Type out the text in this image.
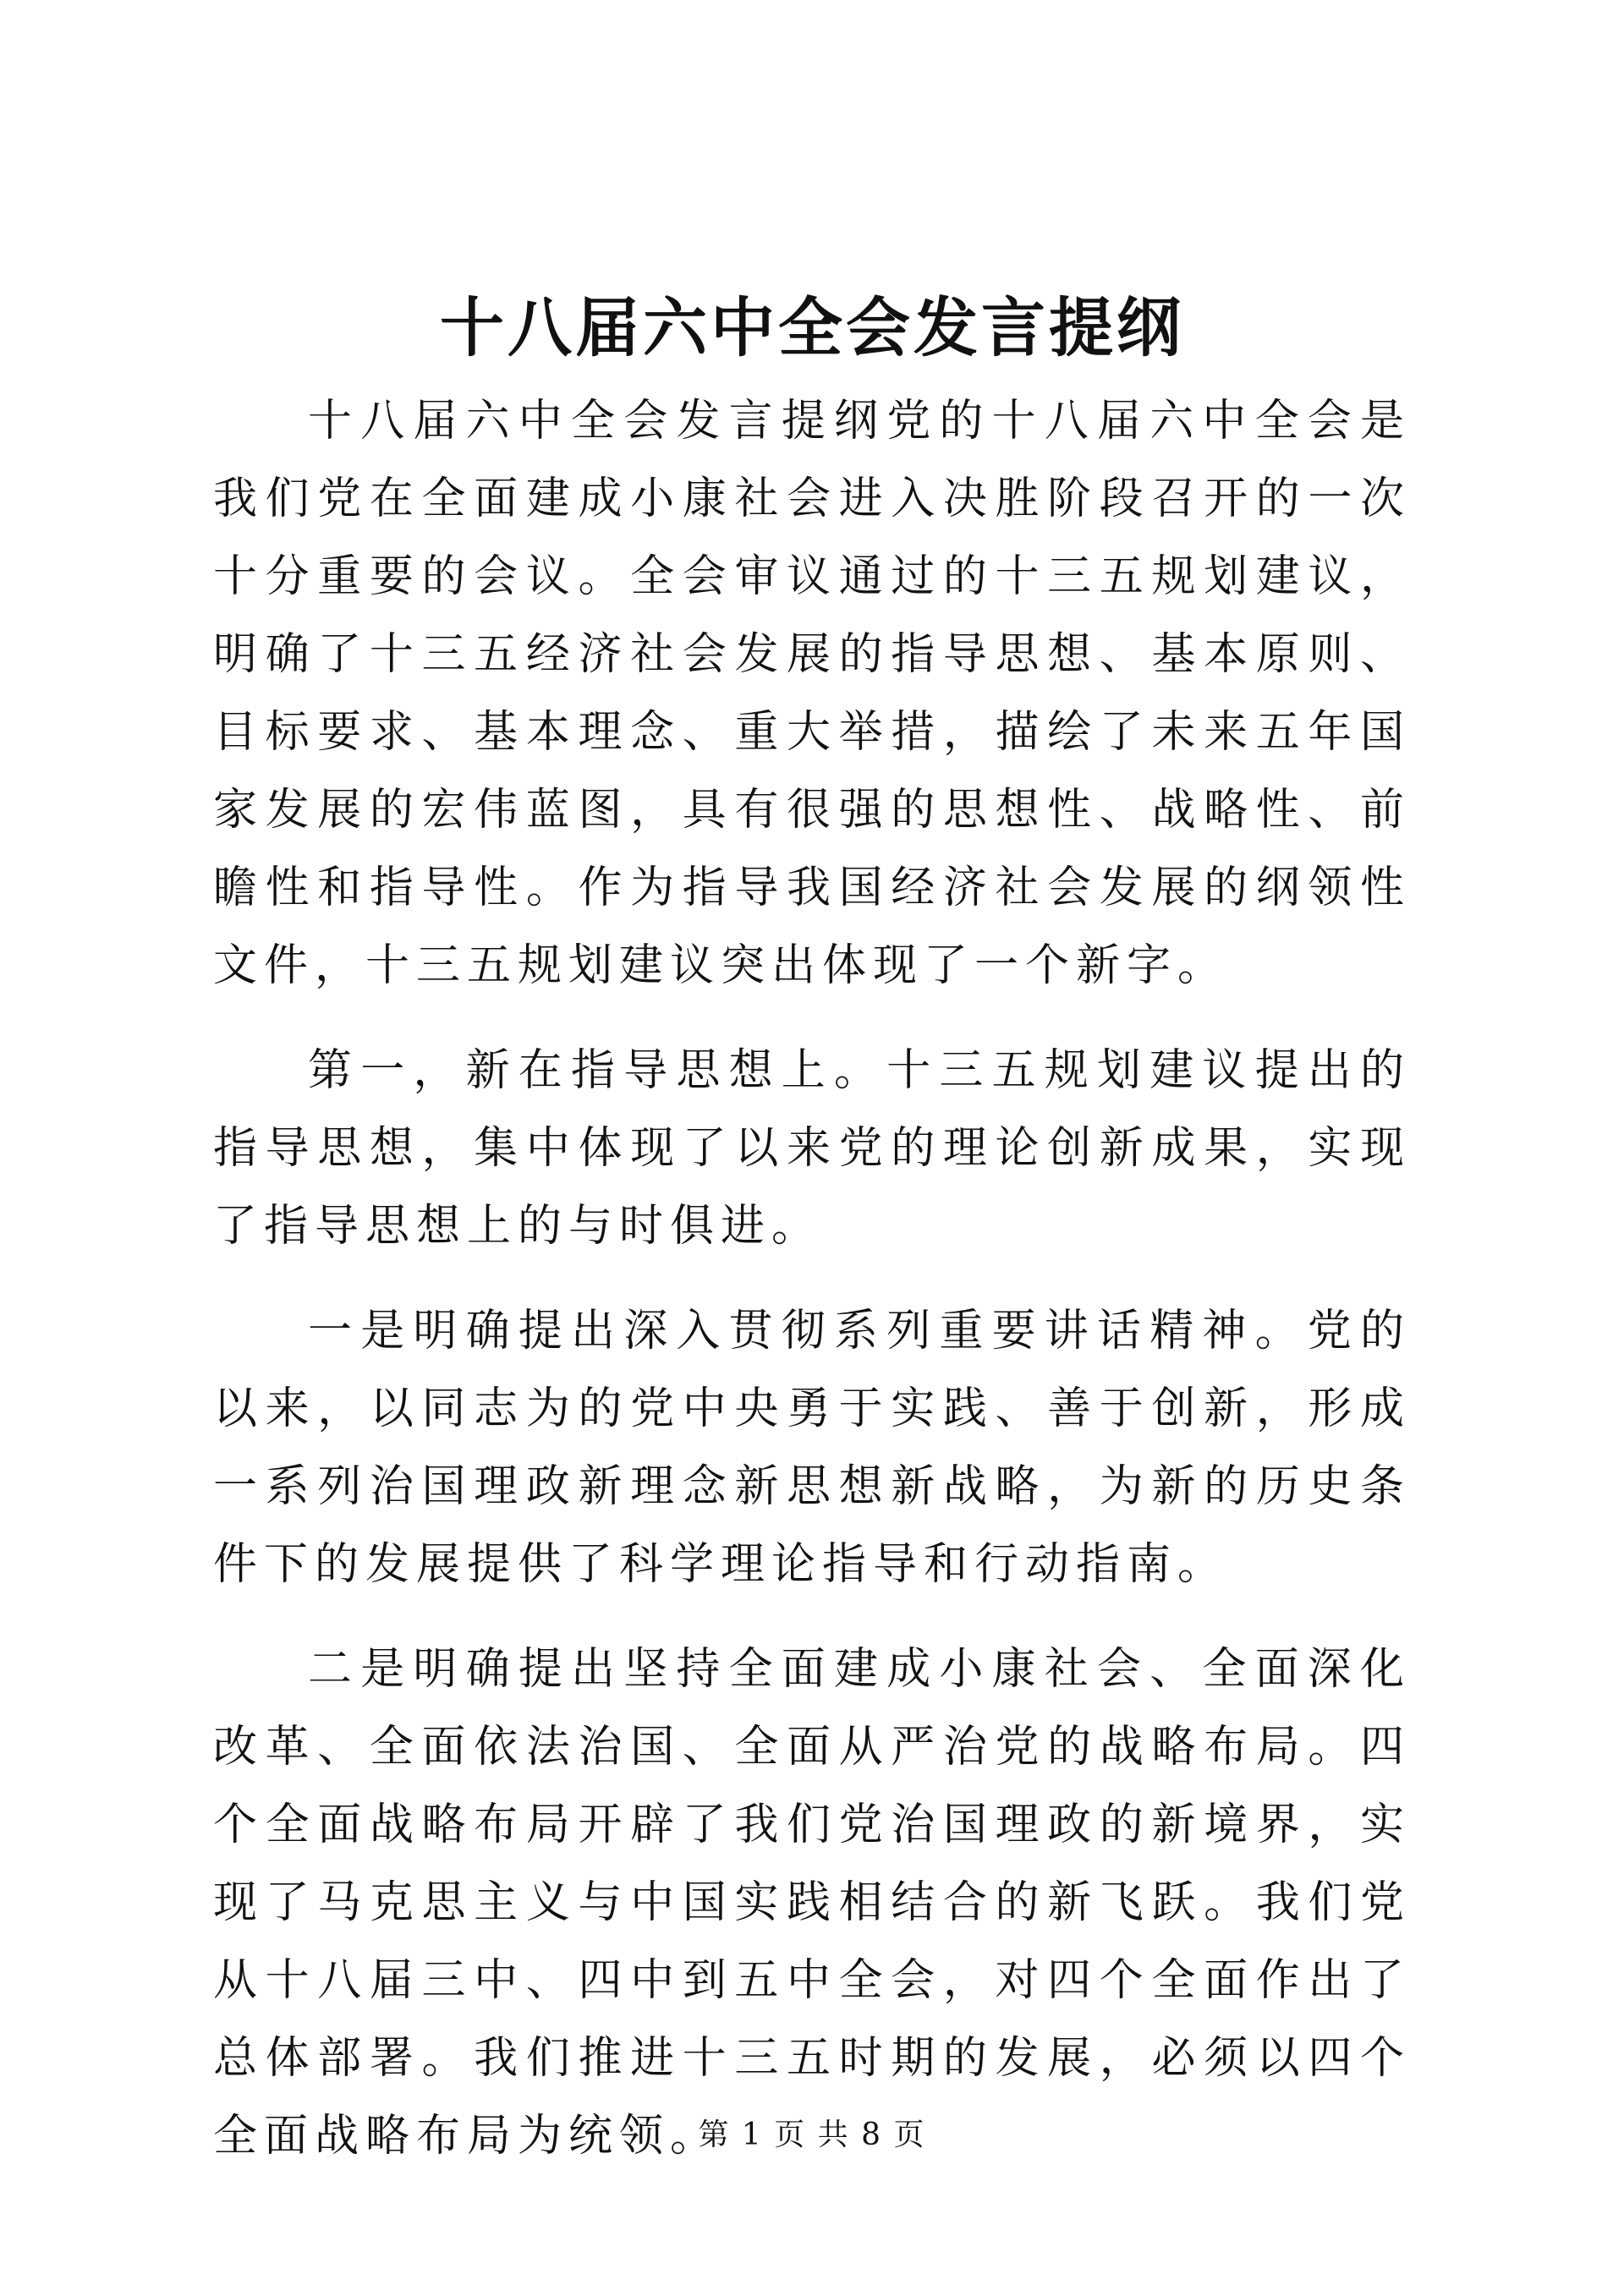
十八届六中全会发言提纲

十八届六中全会发言提纲党的十八届六中全会是我们党在全面建成小康社会进入决胜阶段召开的一次十分重要的会议。全会审议通过的十三五规划建议，明确了十三五经济社会发展的指导思想、基本原则、目标要求、基本理念、重大举措，描绘了未来五年国家发展的宏伟蓝图，具有很强的思想性、战略性、前瞻性和指导性。作为指导我国经济社会发展的纲领性文件，十三五规划建议突出体现了一个新字。

第一，新在指导思想上。十三五规划建议提出的指导思想，集中体现了以来党的理论创新成果，实现了指导思想上的与时俱进。

一是明确提出深入贯彻系列重要讲话精神。党的以来，以同志为的党中央勇于实践、善于创新，形成一系列治国理政新理念新思想新战略，为新的历史条件下的发展提供了科学理论指导和行动指南。

二是明确提出坚持全面建成小康社会、全面深化改革、全面依法治国、全面从严治党的战略布局。四个全面战略布局开辟了我们党治国理政的新境界，实现了马克思主义与中国实践相结合的新飞跃。我们党从十八届三中、四中到五中全会，对四个全面作出了总体部署。我们推进十三五时期的发展，必须以四个全面战略布局为统领。

第 1 页 共 8 页
